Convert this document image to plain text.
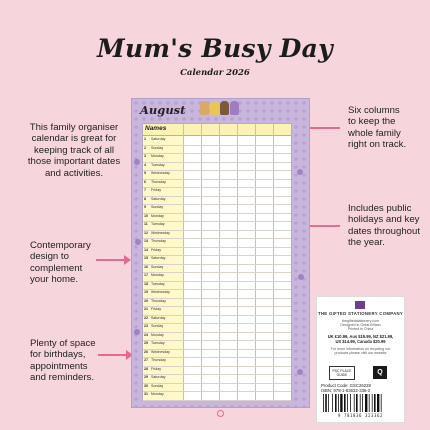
Mum's Busy Day
Calendar 2026
This family organiser
calendar is great for
keeping track of all
those important dates
and activities.
Contemporary
design to
complement
your home.
Plenty of space
for birthdays,
appointments
and reminders.
Six columns
to keep the
whole family
right on track.
Includes public
holidays and key
dates throughout
the year.
August
Names
1 Saturday
2 Sunday
3 Monday
4 Tuesday
5 Wednesday
6 Thursday
7 Friday
8 Saturday
9 Sunday
10 Monday
11 Tuesday
12 Wednesday
13 Thursday
14 Friday
15 Saturday
16 Sunday
17 Monday
18 Tuesday
19 Wednesday
20 Thursday
21 Friday
22 Saturday
23 Sunday
24 Monday
25 Tuesday
26 Wednesday
27 Thursday
28 Friday
29 Saturday
30 Sunday
31 Monday
THE GIFTED STATIONERY COMPANY
thegiftedstationery.com
Designed in Great Britain
Printed in China
UK £10.99, Aus $19.99, NZ $21.99,
US $14.99, Canada $20.99
For more information on recycling our
products please visit our website
PSC PLACE
GUIDE	Q
Product Code: GSC26228
ISBN: 978-1-83632-336-2
9 781836 323362
